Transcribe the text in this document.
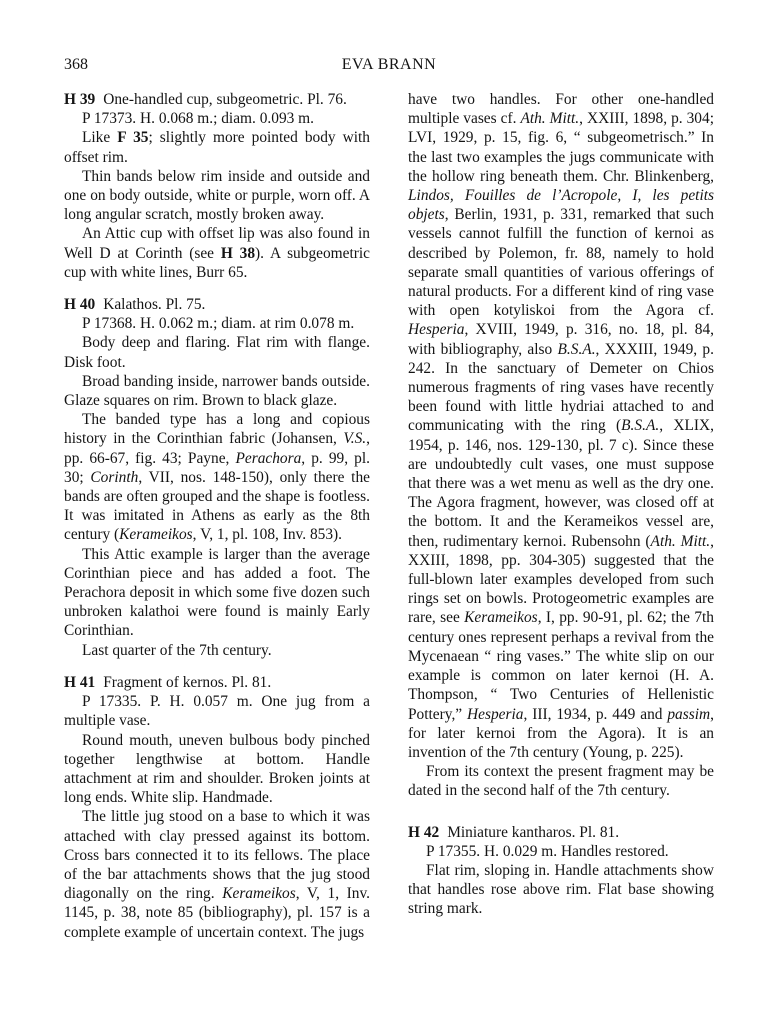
368	EVA BRANN

H 39 One-handled cup, subgeometric. Pl. 76.

P 17373. H. 0.068 m.; diam. 0.093 m.

Like F 35; slightly more pointed body with offset rim.

Thin bands below rim inside and outside and one on body outside, white or purple, worn off. A long angular scratch, mostly broken away.

An Attic cup with offset lip was also found in Well D at Corinth (see H 38). A subgeometric cup with white lines, Burr 65.

H 40 Kalathos. Pl. 75.

P 17368. H. 0.062 m.; diam. at rim 0.078 m.

Body deep and flaring. Flat rim with flange. Disk foot.

Broad banding inside, narrower bands outside. Glaze squares on rim. Brown to black glaze.

The banded type has a long and copious history in the Corinthian fabric (Johansen, V.S., pp. 66-67, fig. 43; Payne, Perachora, p. 99, pl. 30; Corinth, VII, nos. 148-150), only there the bands are often grouped and the shape is footless. It was imitated in Athens as early as the 8th century (Kerameikos, V, 1, pl. 108, Inv. 853).

This Attic example is larger than the average Corinthian piece and has added a foot. The Perachora deposit in which some five dozen such unbroken kalathoi were found is mainly Early Corinthian.

Last quarter of the 7th century.

H 41 Fragment of kernos. Pl. 81.

P 17335. P. H. 0.057 m. One jug from a multiple vase.

Round mouth, uneven bulbous body pinched together lengthwise at bottom. Handle attachment at rim and shoulder. Broken joints at long ends. White slip. Handmade.

The little jug stood on a base to which it was attached with clay pressed against its bottom. Cross bars connected it to its fellows. The place of the bar attachments shows that the jug stood diagonally on the ring. Kerameikos, V, 1, Inv. 1145, p. 38, note 85 (bibliography), pl. 157 is a complete example of uncertain context. The jugs

have two handles. For other one-handled multiple vases cf. Ath. Mitt., XXIII, 1898, p. 304; LVI, 1929, p. 15, fig. 6, “ subgeometrisch.” In the last two examples the jugs communicate with the hollow ring beneath them. Chr. Blinkenberg, Lindos, Fouilles de l’Acropole, I, les petits objets, Berlin, 1931, p. 331, remarked that such vessels cannot fulfill the function of kernoi as described by Polemon, fr. 88, namely to hold separate small quantities of various offerings of natural products. For a different kind of ring vase with open kotyliskoi from the Agora cf. Hesperia, XVIII, 1949, p. 316, no. 18, pl. 84, with bibliography, also B.S.A., XXXIII, 1949, p. 242. In the sanctuary of Demeter on Chios numerous fragments of ring vases have recently been found with little hydriai attached to and communicating with the ring (B.S.A., XLIX, 1954, p. 146, nos. 129-130, pl. 7 c). Since these are undoubtedly cult vases, one must suppose that there was a wet menu as well as the dry one. The Agora fragment, however, was closed off at the bottom. It and the Kerameikos vessel are, then, rudimentary kernoi. Rubensohn (Ath. Mitt., XXIII, 1898, pp. 304-305) suggested that the full-blown later examples developed from such rings set on bowls. Protogeometric examples are rare, see Kerameikos, I, pp. 90-91, pl. 62; the 7th century ones represent perhaps a revival from the Mycenaean “ ring vases.” The white slip on our example is common on later kernoi (H. A. Thompson, “ Two Centuries of Hellenistic Pottery,” Hesperia, III, 1934, p. 449 and passim, for later kernoi from the Agora). It is an invention of the 7th century (Young, p. 225).

From its context the present fragment may be dated in the second half of the 7th century.

H 42 Miniature kantharos. Pl. 81.

P 17355. H. 0.029 m. Handles restored.

Flat rim, sloping in. Handle attachments show that handles rose above rim. Flat base showing string mark.
